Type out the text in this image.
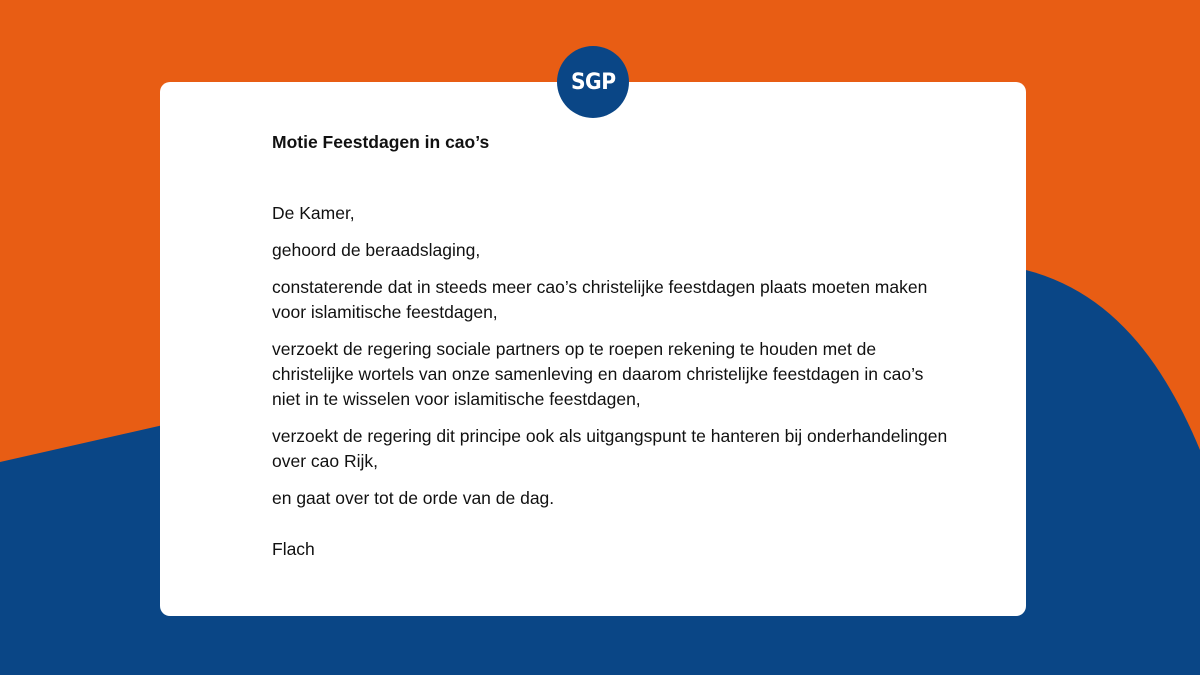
SGP
Motie Feestdagen in cao’s
De Kamer,
gehoord de beraadslaging,
constaterende dat in steeds meer cao’s christelijke feestdagen plaats moeten maken voor islamitische feestdagen,
verzoekt de regering sociale partners op te roepen rekening te houden met de christelijke wortels van onze samenleving en daarom christelijke feestdagen in cao’s niet in te wisselen voor islamitische feestdagen,
verzoekt de regering dit principe ook als uitgangspunt te hanteren bij onderhandelingen over cao Rijk,
en gaat over tot de orde van de dag.
Flach
